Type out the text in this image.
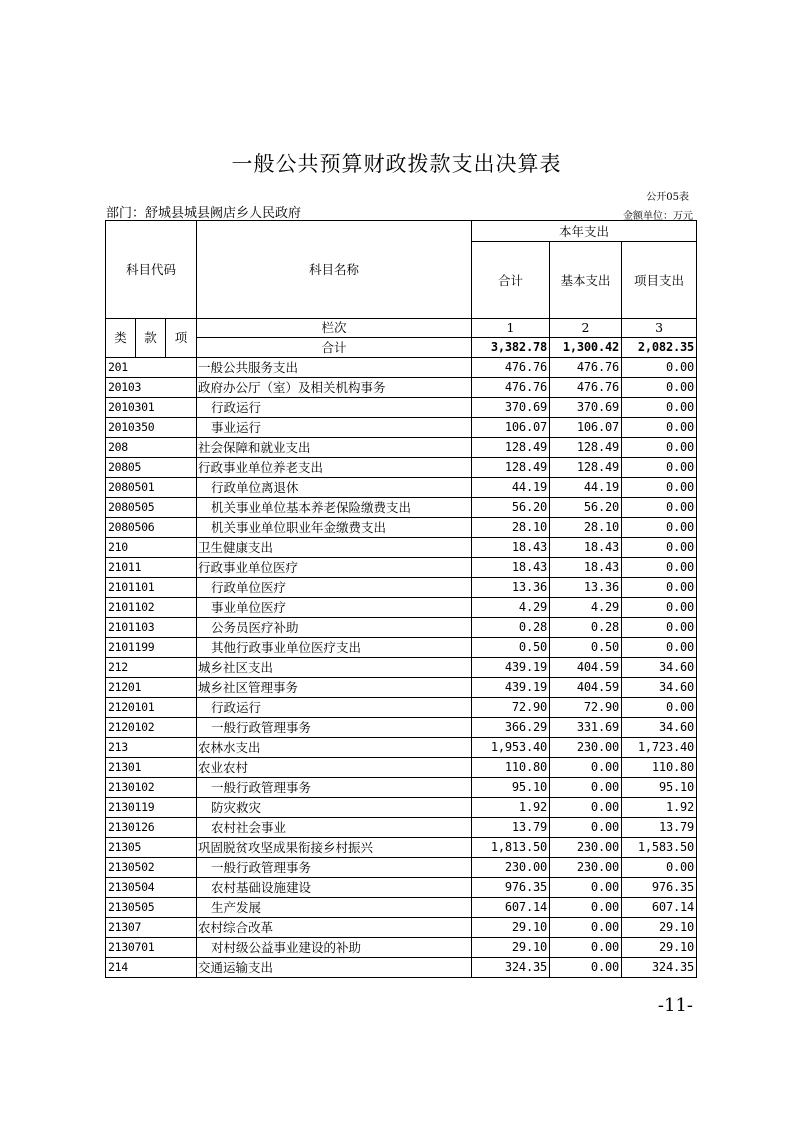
一般公共预算财政拨款支出决算表
公开05表
部门：舒城县城县阙店乡人民政府	金额单位：万元
科目代码			科目名称	本年支出		
				合计	基本支出	项目支出
类	款	项	栏次	1	2	3
			合计	3,382.78	1,300.42	2,082.35
201			一般公共服务支出	476.76	476.76	0.00
20103			政府办公厅（室）及相关机构事务	476.76	476.76	0.00
2010301			行政运行	370.69	370.69	0.00
2010350			事业运行	106.07	106.07	0.00
208			社会保障和就业支出	128.49	128.49	0.00
20805			行政事业单位养老支出	128.49	128.49	0.00
2080501			行政单位离退休	44.19	44.19	0.00
2080505			机关事业单位基本养老保险缴费支出	56.20	56.20	0.00
2080506			机关事业单位职业年金缴费支出	28.10	28.10	0.00
210			卫生健康支出	18.43	18.43	0.00
21011			行政事业单位医疗	18.43	18.43	0.00
2101101			行政单位医疗	13.36	13.36	0.00
2101102			事业单位医疗	4.29	4.29	0.00
2101103			公务员医疗补助	0.28	0.28	0.00
2101199			其他行政事业单位医疗支出	0.50	0.50	0.00
212			城乡社区支出	439.19	404.59	34.60
21201			城乡社区管理事务	439.19	404.59	34.60
2120101			行政运行	72.90	72.90	0.00
2120102			一般行政管理事务	366.29	331.69	34.60
213			农林水支出	1,953.40	230.00	1,723.40
21301			农业农村	110.80	0.00	110.80
2130102			一般行政管理事务	95.10	0.00	95.10
2130119			防灾救灾	1.92	0.00	1.92
2130126			农村社会事业	13.79	0.00	13.79
21305			巩固脱贫攻坚成果衔接乡村振兴	1,813.50	230.00	1,583.50
2130502			一般行政管理事务	230.00	230.00	0.00
2130504			农村基础设施建设	976.35	0.00	976.35
2130505			生产发展	607.14	0.00	607.14
21307			农村综合改革	29.10	0.00	29.10
2130701			对村级公益事业建设的补助	29.10	0.00	29.10
214			交通运输支出	324.35	0.00	324.35
-11-
